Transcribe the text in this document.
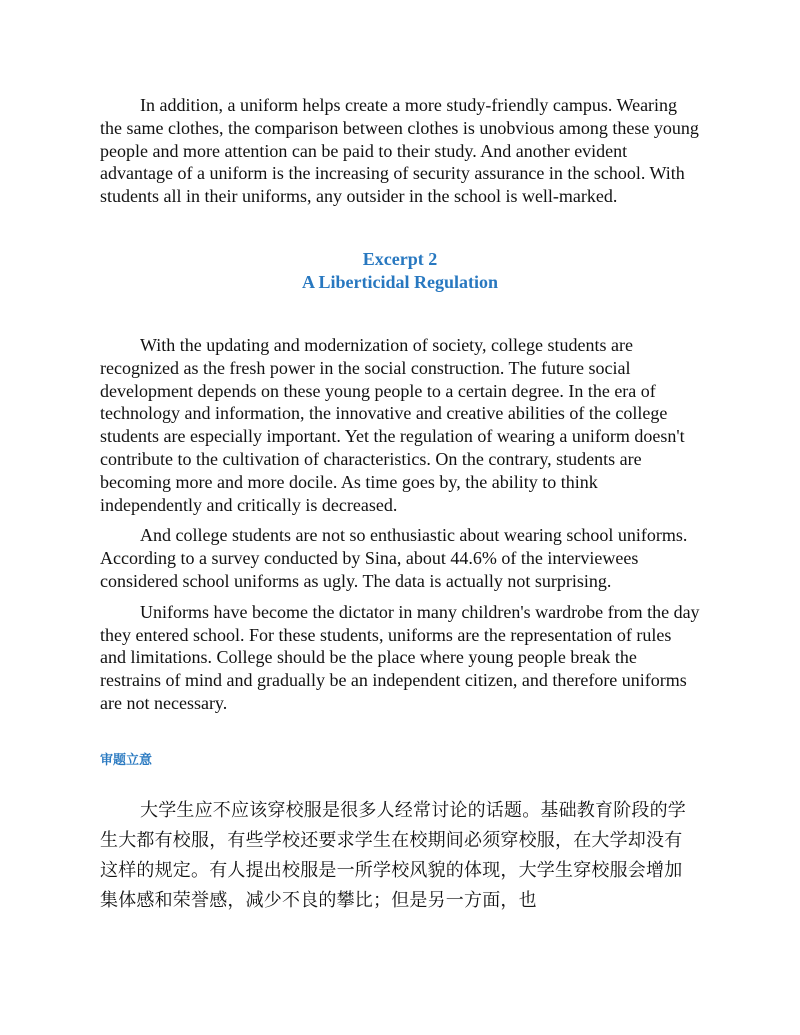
In addition, a uniform helps create a more study-friendly campus. Wearing the same clothes, the comparison between clothes is unobvious among these young people and more attention can be paid to their study. And another evident advantage of a uniform is the increasing of security assurance in the school. With students all in their uniforms, any outsider in the school is well-marked.

Excerpt 2
A Liberticidal Regulation

With the updating and modernization of society, college students are recognized as the fresh power in the social construction. The future social development depends on these young people to a certain degree. In the era of technology and information, the innovative and creative abilities of the college students are especially important. Yet the regulation of wearing a uniform doesn't contribute to the cultivation of characteristics. On the contrary, students are becoming more and more docile. As time goes by, the ability to think independently and critically is decreased.

And college students are not so enthusiastic about wearing school uniforms. According to a survey conducted by Sina, about 44.6% of the interviewees considered school uniforms as ugly. The data is actually not surprising.

Uniforms have become the dictator in many children's wardrobe from the day they entered school. For these students, uniforms are the representation of rules and limitations. College should be the place where young people break the restrains of mind and gradually be an independent citizen, and therefore uniforms are not necessary.

审题立意

大学生应不应该穿校服是很多人经常讨论的话题。基础教育阶段的学生大都有校服，有些学校还要求学生在校期间必须穿校服，在大学却没有这样的规定。有人提出校服是一所学校风貌的体现，大学生穿校服会增加集体感和荣誉感，减少不良的攀比；但是另一方面，也
